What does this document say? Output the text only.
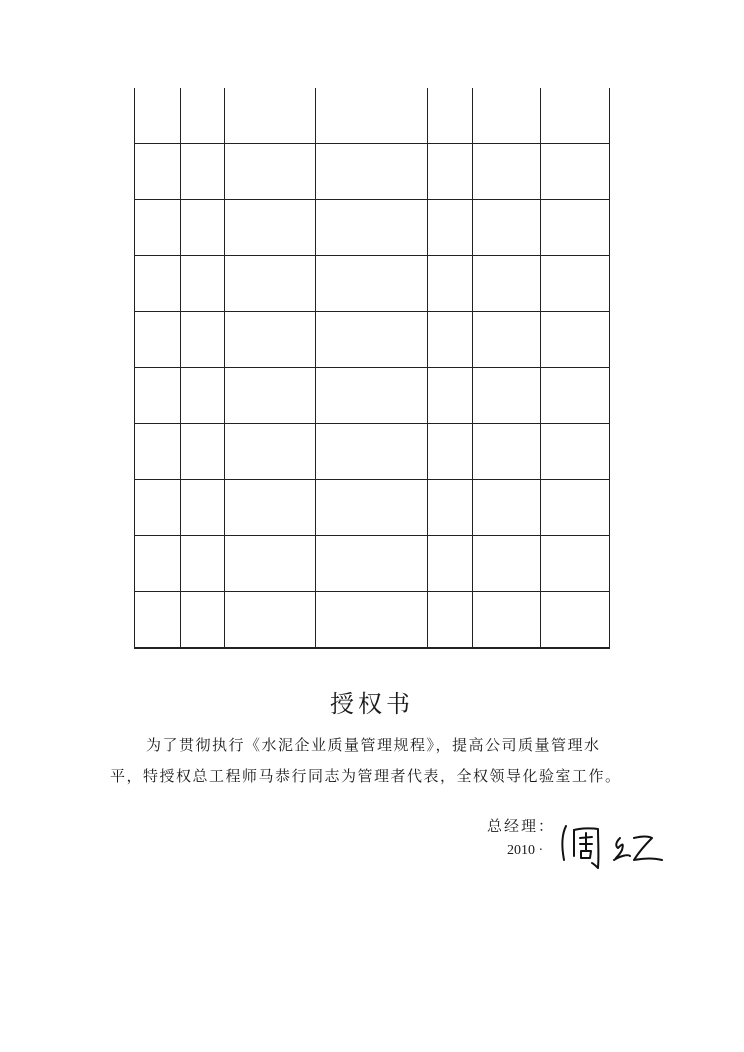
授权书
为了贯彻执行《水泥企业质量管理规程》，提高公司质量管理水
平，特授权总工程师马恭行同志为管理者代表，全权领导化验室工作。
总经理：
2010 ·
